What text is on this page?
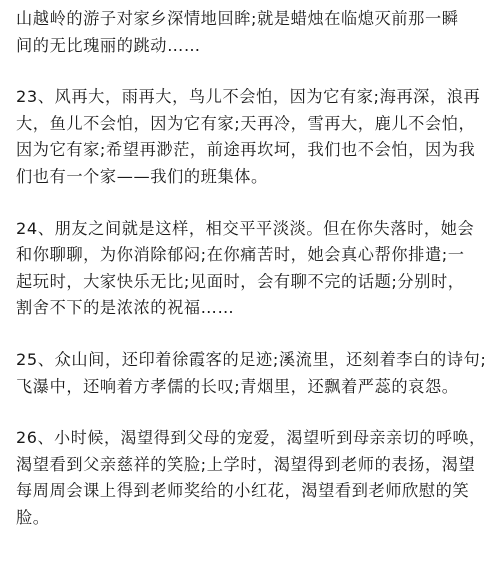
山越岭的游子对家乡深情地回眸;就是蜡烛在临熄灭前那一瞬
间的无比瑰丽的跳动……

23、风再大，雨再大，鸟儿不会怕，因为它有家;海再深，浪再
大，鱼儿不会怕，因为它有家;天再冷，雪再大，鹿儿不会怕，
因为它有家;希望再渺茫，前途再坎坷，我们也不会怕，因为我
们也有一个家——我们的班集体。

24、朋友之间就是这样，相交平平淡淡。但在你失落时，她会
和你聊聊，为你消除郁闷;在你痛苦时，她会真心帮你排遣;一
起玩时，大家快乐无比;见面时，会有聊不完的话题;分别时，
割舍不下的是浓浓的祝福……

25、众山间，还印着徐霞客的足迹;溪流里，还刻着李白的诗句;
飞瀑中，还响着方孝儒的长叹;青烟里，还飘着严蕊的哀怨。

26、小时候，渴望得到父母的宠爱，渴望听到母亲亲切的呼唤，
渴望看到父亲慈祥的笑脸;上学时，渴望得到老师的表扬，渴望
每周周会课上得到老师奖给的小红花，渴望看到老师欣慰的笑
脸。
